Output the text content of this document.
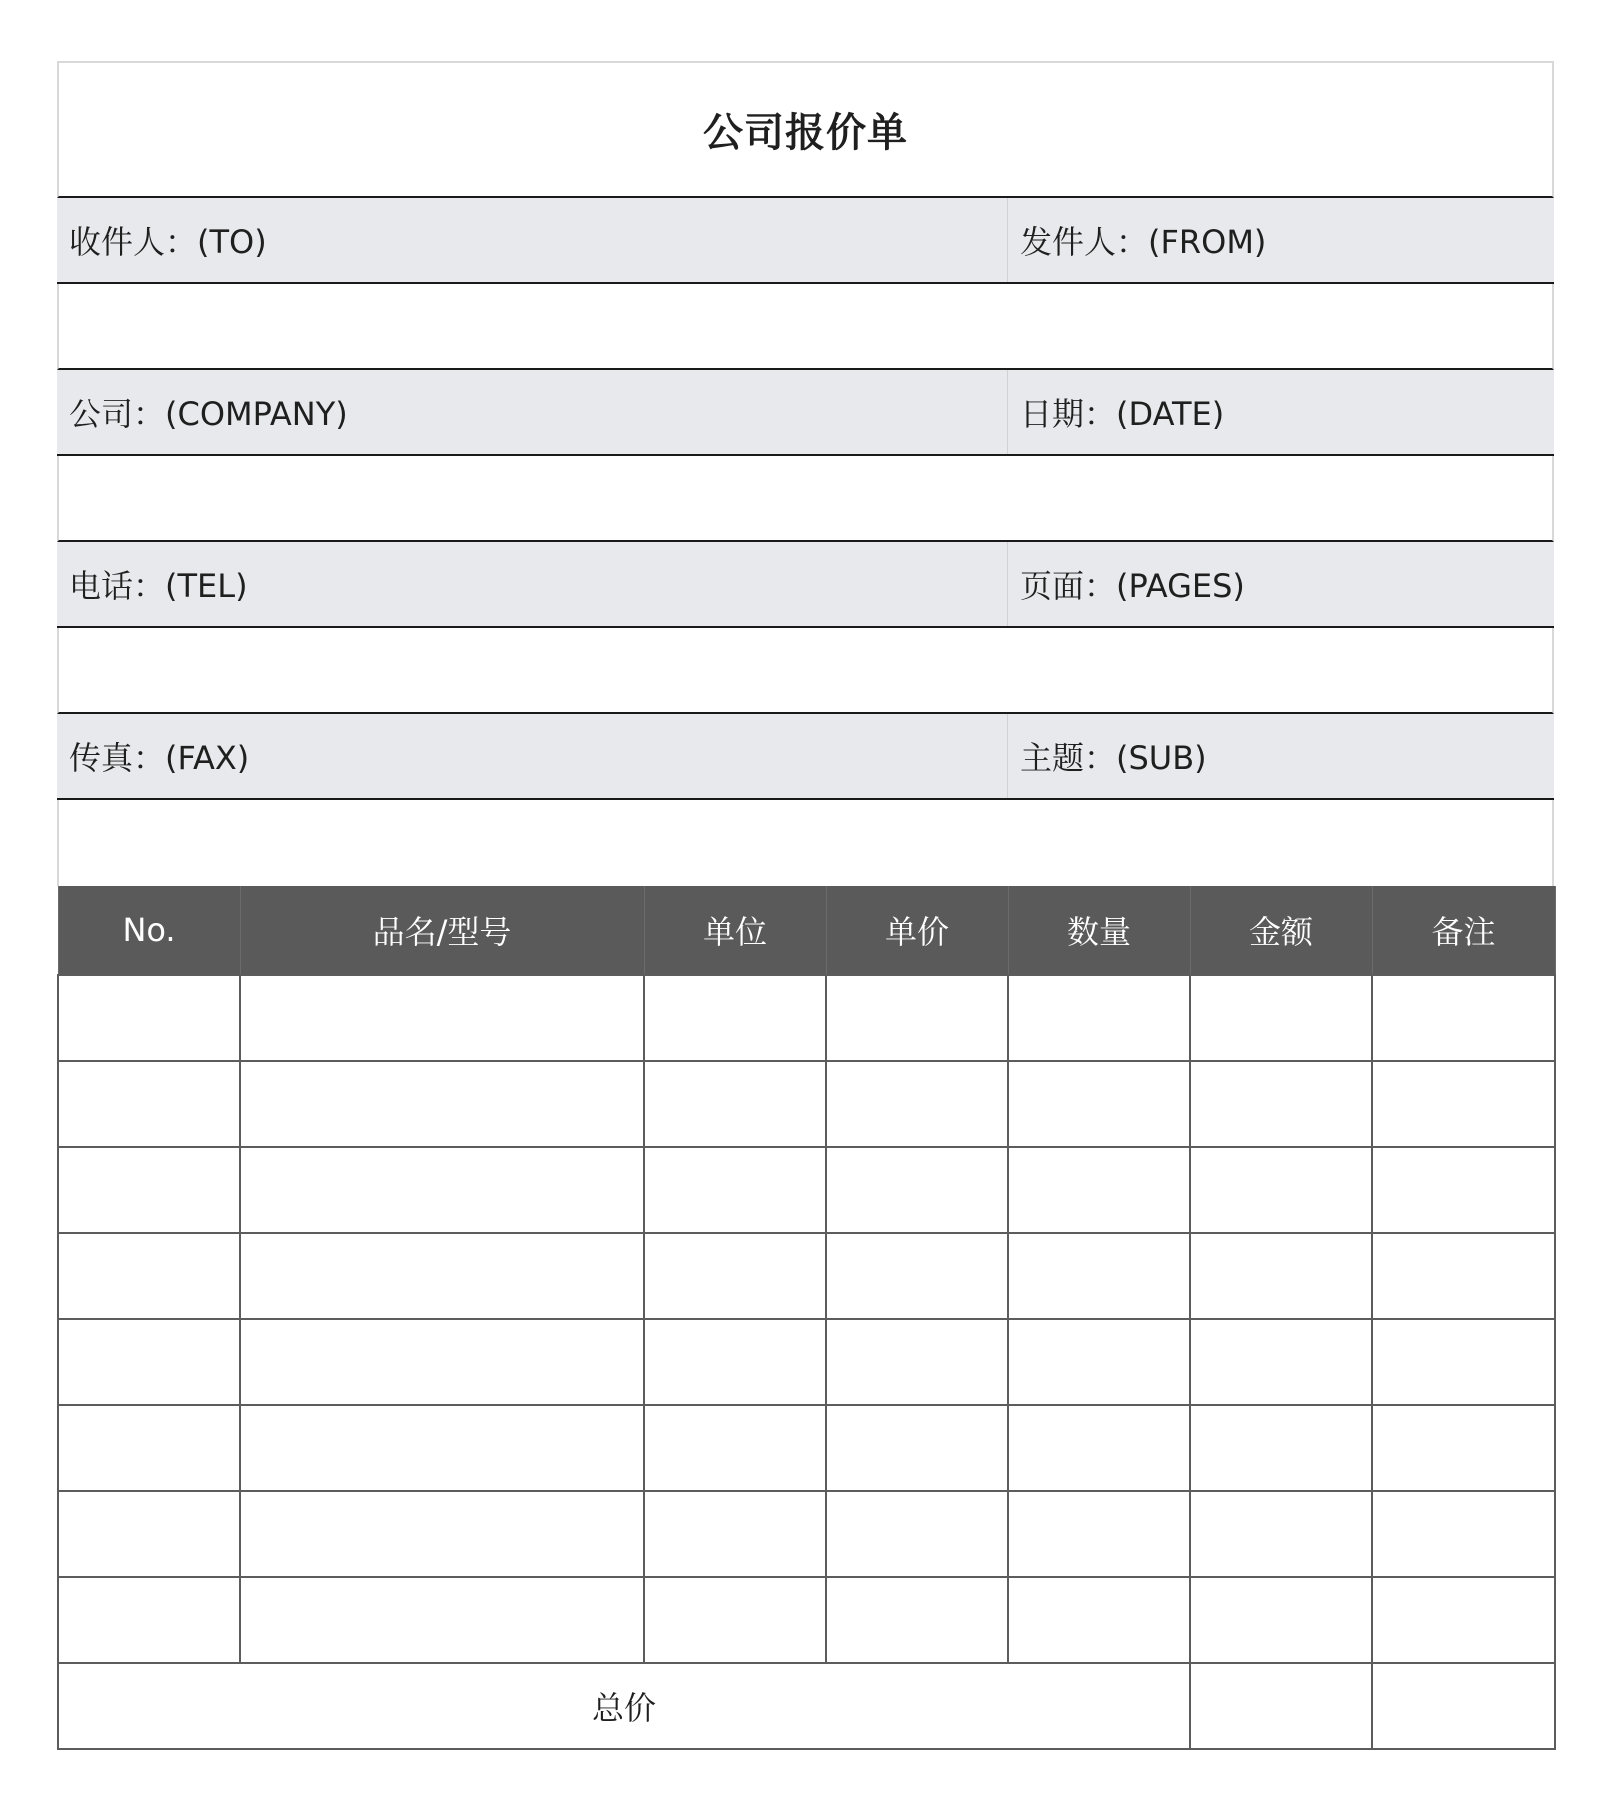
公司报价单
收件人：(TO)	发件人：(FROM)
公司：(COMPANY)	日期：(DATE)
电话：(TEL)	页面：(PAGES)
传真：(FAX)	主题：(SUB)
No.	品名/型号	单位	单价	数量	金额	备注

总价						
